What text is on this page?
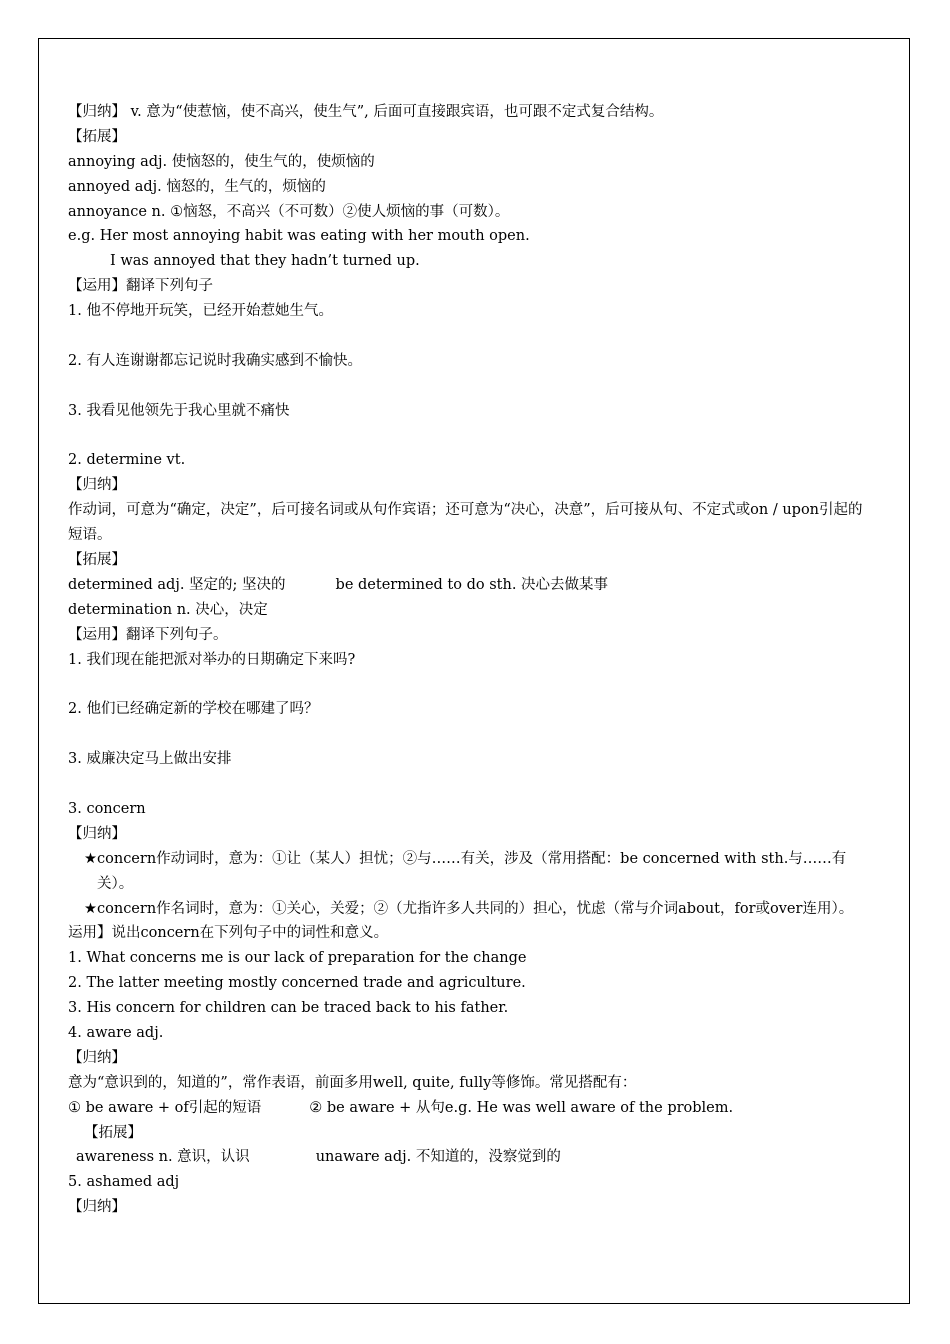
【归纳】 v. 意为“使惹恼，使不高兴，使生气”, 后面可直接跟宾语，也可跟不定式复合结构。
【拓展】
annoying adj. 使恼怒的，使生气的，使烦恼的
annoyed adj. 恼怒的，生气的，烦恼的
annoyance n. ①恼怒，不高兴（不可数）②使人烦恼的事（可数）。
e.g. Her most annoying habit was eating with her mouth open.
I was annoyed that they hadn’t turned up.
【运用】翻译下列句子
1. 他不停地开玩笑，已经开始惹她生气。
2. 有人连谢谢都忘记说时我确实感到不愉快。
3. 我看见他领先于我心里就不痛快
2. determine vt.
【归纳】
作动词，可意为“确定，决定”，后可接名词或从句作宾语；还可意为“决心，决意”，后可接从句、不定式或on / upon引起的短语。
【拓展】
determined adj. 坚定的; 坚决的	be determined to do sth. 决心去做某事
determination n. 决心，决定
【运用】翻译下列句子。
1. 我们现在能把派对举办的日期确定下来吗?
2. 他们已经确定新的学校在哪建了吗？
3. 威廉决定马上做出安排
3. concern
【归纳】
★ concern作动词时，意为：①让（某人）担忧；②与……有关，涉及（常用搭配：be concerned with sth.与……有关）。
★ concern作名词时，意为：①关心，关爱；②（尤指许多人共同的）担心，忧虑（常与介词about，for或over连用）。
运用】说出concern在下列句子中的词性和意义。
1. What concerns me is our lack of preparation for the change
2. The latter meeting mostly concerned trade and agriculture.
3. His concern for children can be traced back to his father.
4. aware adj.
【归纳】
意为“意识到的，知道的”，常作表语，前面多用well, quite, fully等修饰。常见搭配有：
① be aware + of引起的短语	② be aware + 从句e.g. He was well aware of the problem.
【拓展】
awareness n. 意识，认识	unaware adj. 不知道的，没察觉到的
5. ashamed adj
【归纳】
